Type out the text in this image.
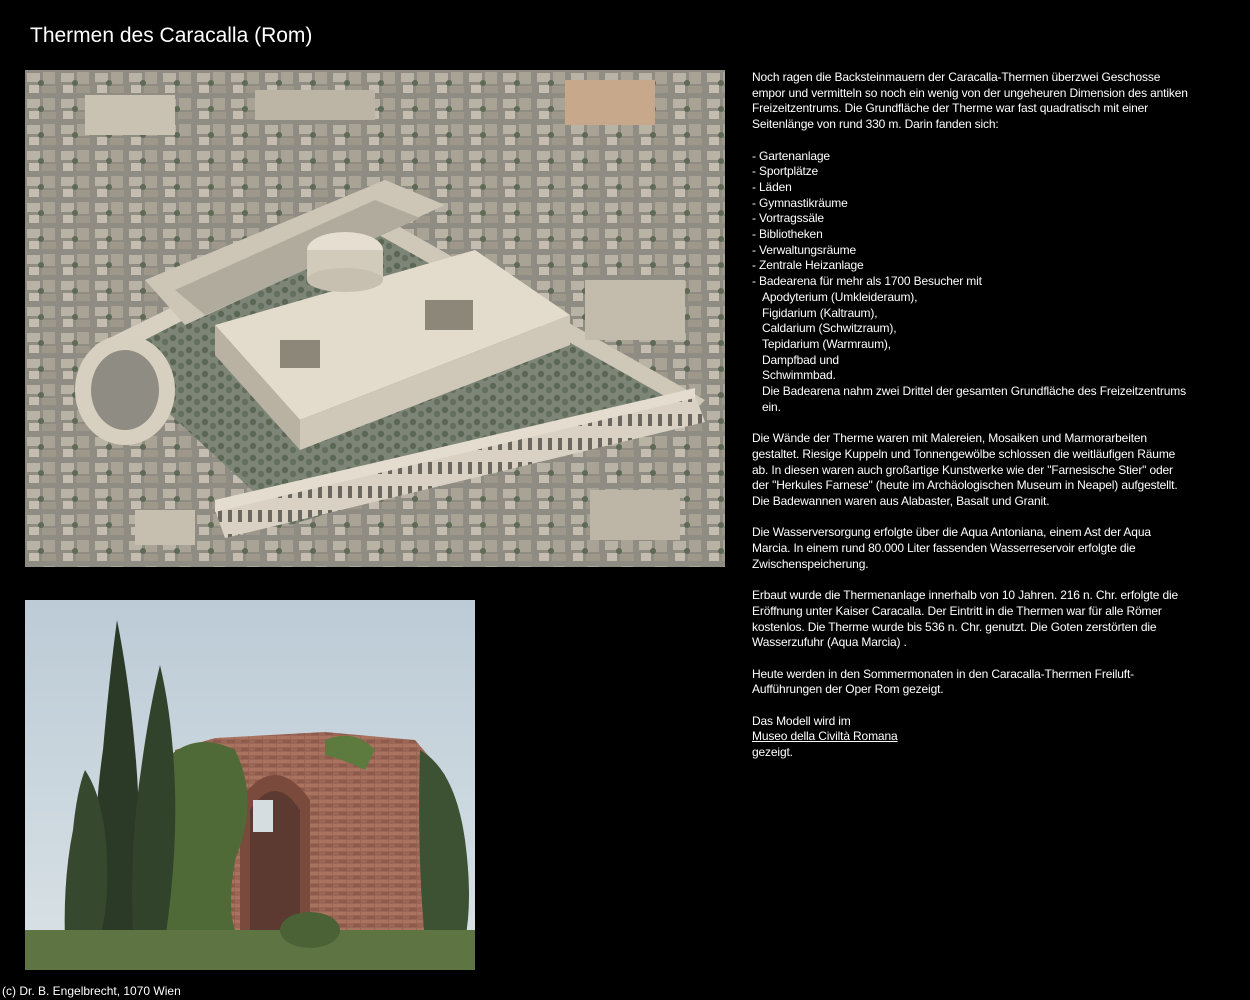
Thermen des Caracalla (Rom)

Noch ragen die Backsteinmauern der Caracalla-Thermen überzwei Geschosse empor und vermitteln so noch ein wenig von der ungeheuren Dimension des antiken Freizeitzentrums. Die Grundfläche der Therme war fast quadratisch mit einer Seitenlänge von rund 330 m. Darin fanden sich:

- Gartenanlage
- Sportplätze
- Läden
- Gymnastikräume
- Vortragssäle
- Bibliotheken
- Verwaltungsräume
- Zentrale Heizanlage
- Badearena für mehr als 1700 Besucher mit
Apodyterium (Umkleideraum),
Figidarium (Kaltraum),
Caldarium (Schwitzraum),
Tepidarium (Warmraum),
Dampfbad und
Schwimmbad.
Die Badearena nahm zwei Drittel der gesamten Grundfläche des Freizeitzentrums ein.

Die Wände der Therme waren mit Malereien, Mosaiken und Marmorarbeiten gestaltet. Riesige Kuppeln und Tonnengewölbe schlossen die weitläufigen Räume ab. In diesen waren auch großartige Kunstwerke wie der "Farnesische Stier" oder der "Herkules Farnese" (heute im Archäologischen Museum in Neapel) aufgestellt. Die Badewannen waren aus Alabaster, Basalt und Granit.

Die Wasserversorgung erfolgte über die Aqua Antoniana, einem Ast der Aqua Marcia. In einem rund 80.000 Liter fassenden Wasserreservoir erfolgte die Zwischenspeicherung.

Erbaut wurde die Thermenanlage innerhalb von 10 Jahren. 216 n. Chr. erfolgte die Eröffnung unter Kaiser Caracalla. Der Eintritt in die Thermen war für alle Römer kostenlos. Die Therme wurde bis 536 n. Chr. genutzt. Die Goten zerstörten die Wasserzufuhr (Aqua Marcia) .

Heute werden in den Sommermonaten in den Caracalla-Thermen Freiluft-Aufführungen der Oper Rom gezeigt.

Das Modell wird im
Museo della Civiltà Romana
gezeigt.
(c) Dr. B. Engelbrecht, 1070 Wien
